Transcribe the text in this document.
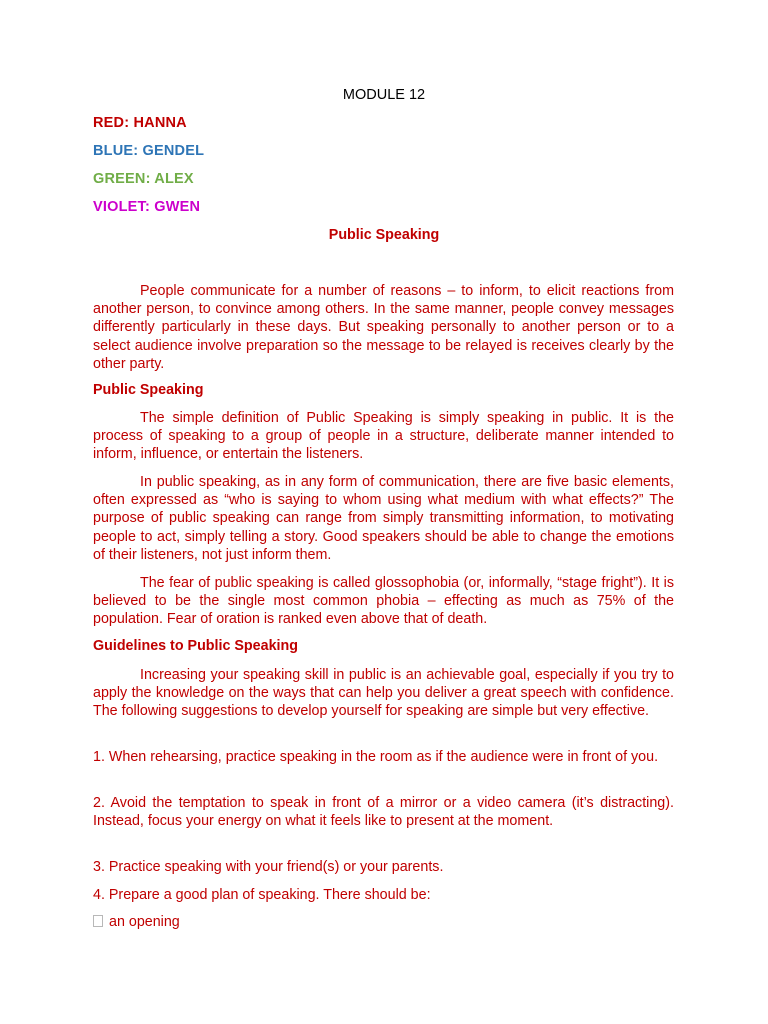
MODULE 12
RED: HANNA
BLUE: GENDEL
GREEN: ALEX
VIOLET: GWEN
Public Speaking

People communicate for a number of reasons – to inform, to elicit reactions from another person, to convince among others. In the same manner, people convey messages differently particularly in these days. But speaking personally to another person or to a select audience involve preparation so the message to be relayed is receives clearly by the other party.

Public Speaking

The simple definition of Public Speaking is simply speaking in public. It is the process of speaking to a group of people in a structure, deliberate manner intended to inform, influence, or entertain the listeners.

In public speaking, as in any form of communication, there are five basic elements, often expressed as “who is saying to whom using what medium with what effects?” The purpose of public speaking can range from simply transmitting information, to motivating people to act, simply telling a story. Good speakers should be able to change the emotions of their listeners, not just inform them.

The fear of public speaking is called glossophobia (or, informally, “stage fright”). It is believed to be the single most common phobia – effecting as much as 75% of the population. Fear of oration is ranked even above that of death.

Guidelines to Public Speaking

Increasing your speaking skill in public is an achievable goal, especially if you try to apply the knowledge on the ways that can help you deliver a great speech with confidence. The following suggestions to develop yourself for speaking are simple but very effective.

1. When rehearsing, practice speaking in the room as if the audience were in front of you.

2. Avoid the temptation to speak in front of a mirror or a video camera (it’s distracting). Instead, focus your energy on what it feels like to present at the moment.

3. Practice speaking with your friend(s) or your parents.

4. Prepare a good plan of speaking. There should be:

an opening
